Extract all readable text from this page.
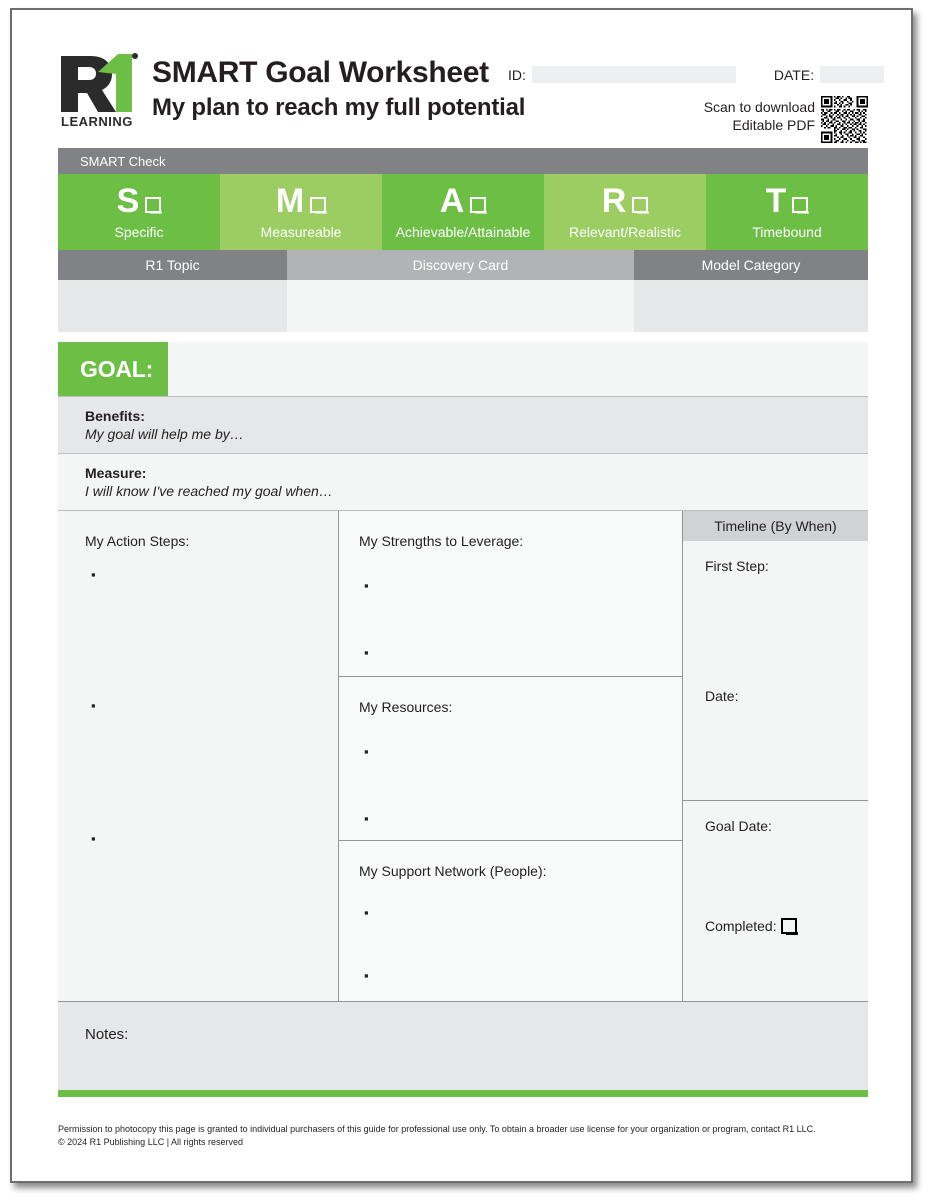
LEARNING
SMART Goal Worksheet
My plan to reach my full potential
ID:	DATE:
Scan to download
Editable PDF
SMART Check
S
Specific
M
Measureable
A
Achievable/Attainable
R
Relevant/Realistic
T
Timebound
R1 Topic	Discovery Card	Model Category
GOAL:
Benefits:
My goal will help me by…
Measure:
I will know I've reached my goal when…
My Action Steps:
▪
▪
▪	My Strengths to Leverage:
▪
▪
My Resources:
▪
▪
My Support Network (People):
▪
▪
Timeline (By When)
First Step:
Date:
Goal Date:
Completed:
Notes:
Permission to photocopy this page is granted to individual purchasers of this guide for professional use only. To obtain a broader use license for your organization or program, contact R1 LLC.
© 2024 R1 Publishing LLC | All rights reserved
